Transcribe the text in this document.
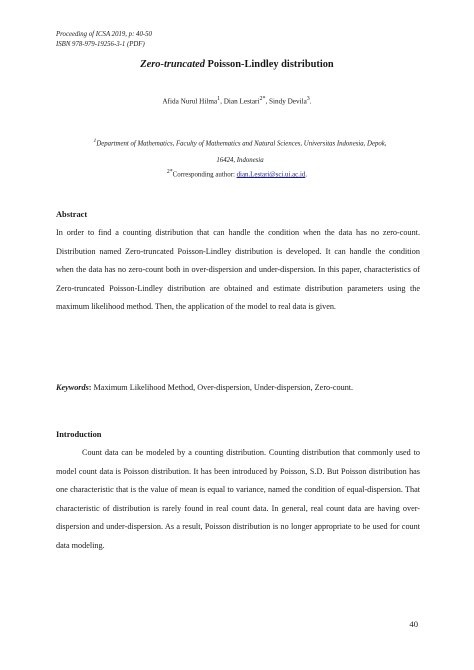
Proceeding of ICSA 2019, p: 40-50
ISBN 978-979-19256-3-1 (PDF)
Zero-truncated Poisson-Lindley distribution
Afida Nurul Hilma$^1$, Dian Lestari$^{2*}$, Sindy Devila$^3$.
$^1$Department of Mathematics, Faculty of Mathematics and Natural Sciences, Universitas Indonesia, Depok, 16424, Indonesia
$^{2*}$Corresponding author: dian.Lestari@sci.ui.ac.id.
Abstract
In order to find a counting distribution that can handle the condition when the data has no zero-count. Distribution named Zero-truncated Poisson-Lindley distribution is developed. It can handle the condition when the data has no zero-count both in over-dispersion and under-dispersion. In this paper, characteristics of Zero-truncated Poisson-Lindley distribution are obtained and estimate distribution parameters using the maximum likelihood method. Then, the application of the model to real data is given.
Keywords: Maximum Likelihood Method, Over-dispersion, Under-dispersion, Zero-count.
Introduction
Count data can be modeled by a counting distribution. Counting distribution that commonly used to model count data is Poisson distribution. It has been introduced by Poisson, S.D. But Poisson distribution has one characteristic that is the value of mean is equal to variance, named the condition of equal-dispersion. That characteristic of distribution is rarely found in real count data. In general, real count data are having over-dispersion and under-dispersion. As a result, Poisson distribution is no longer appropriate to be used for count data modeling.
40
